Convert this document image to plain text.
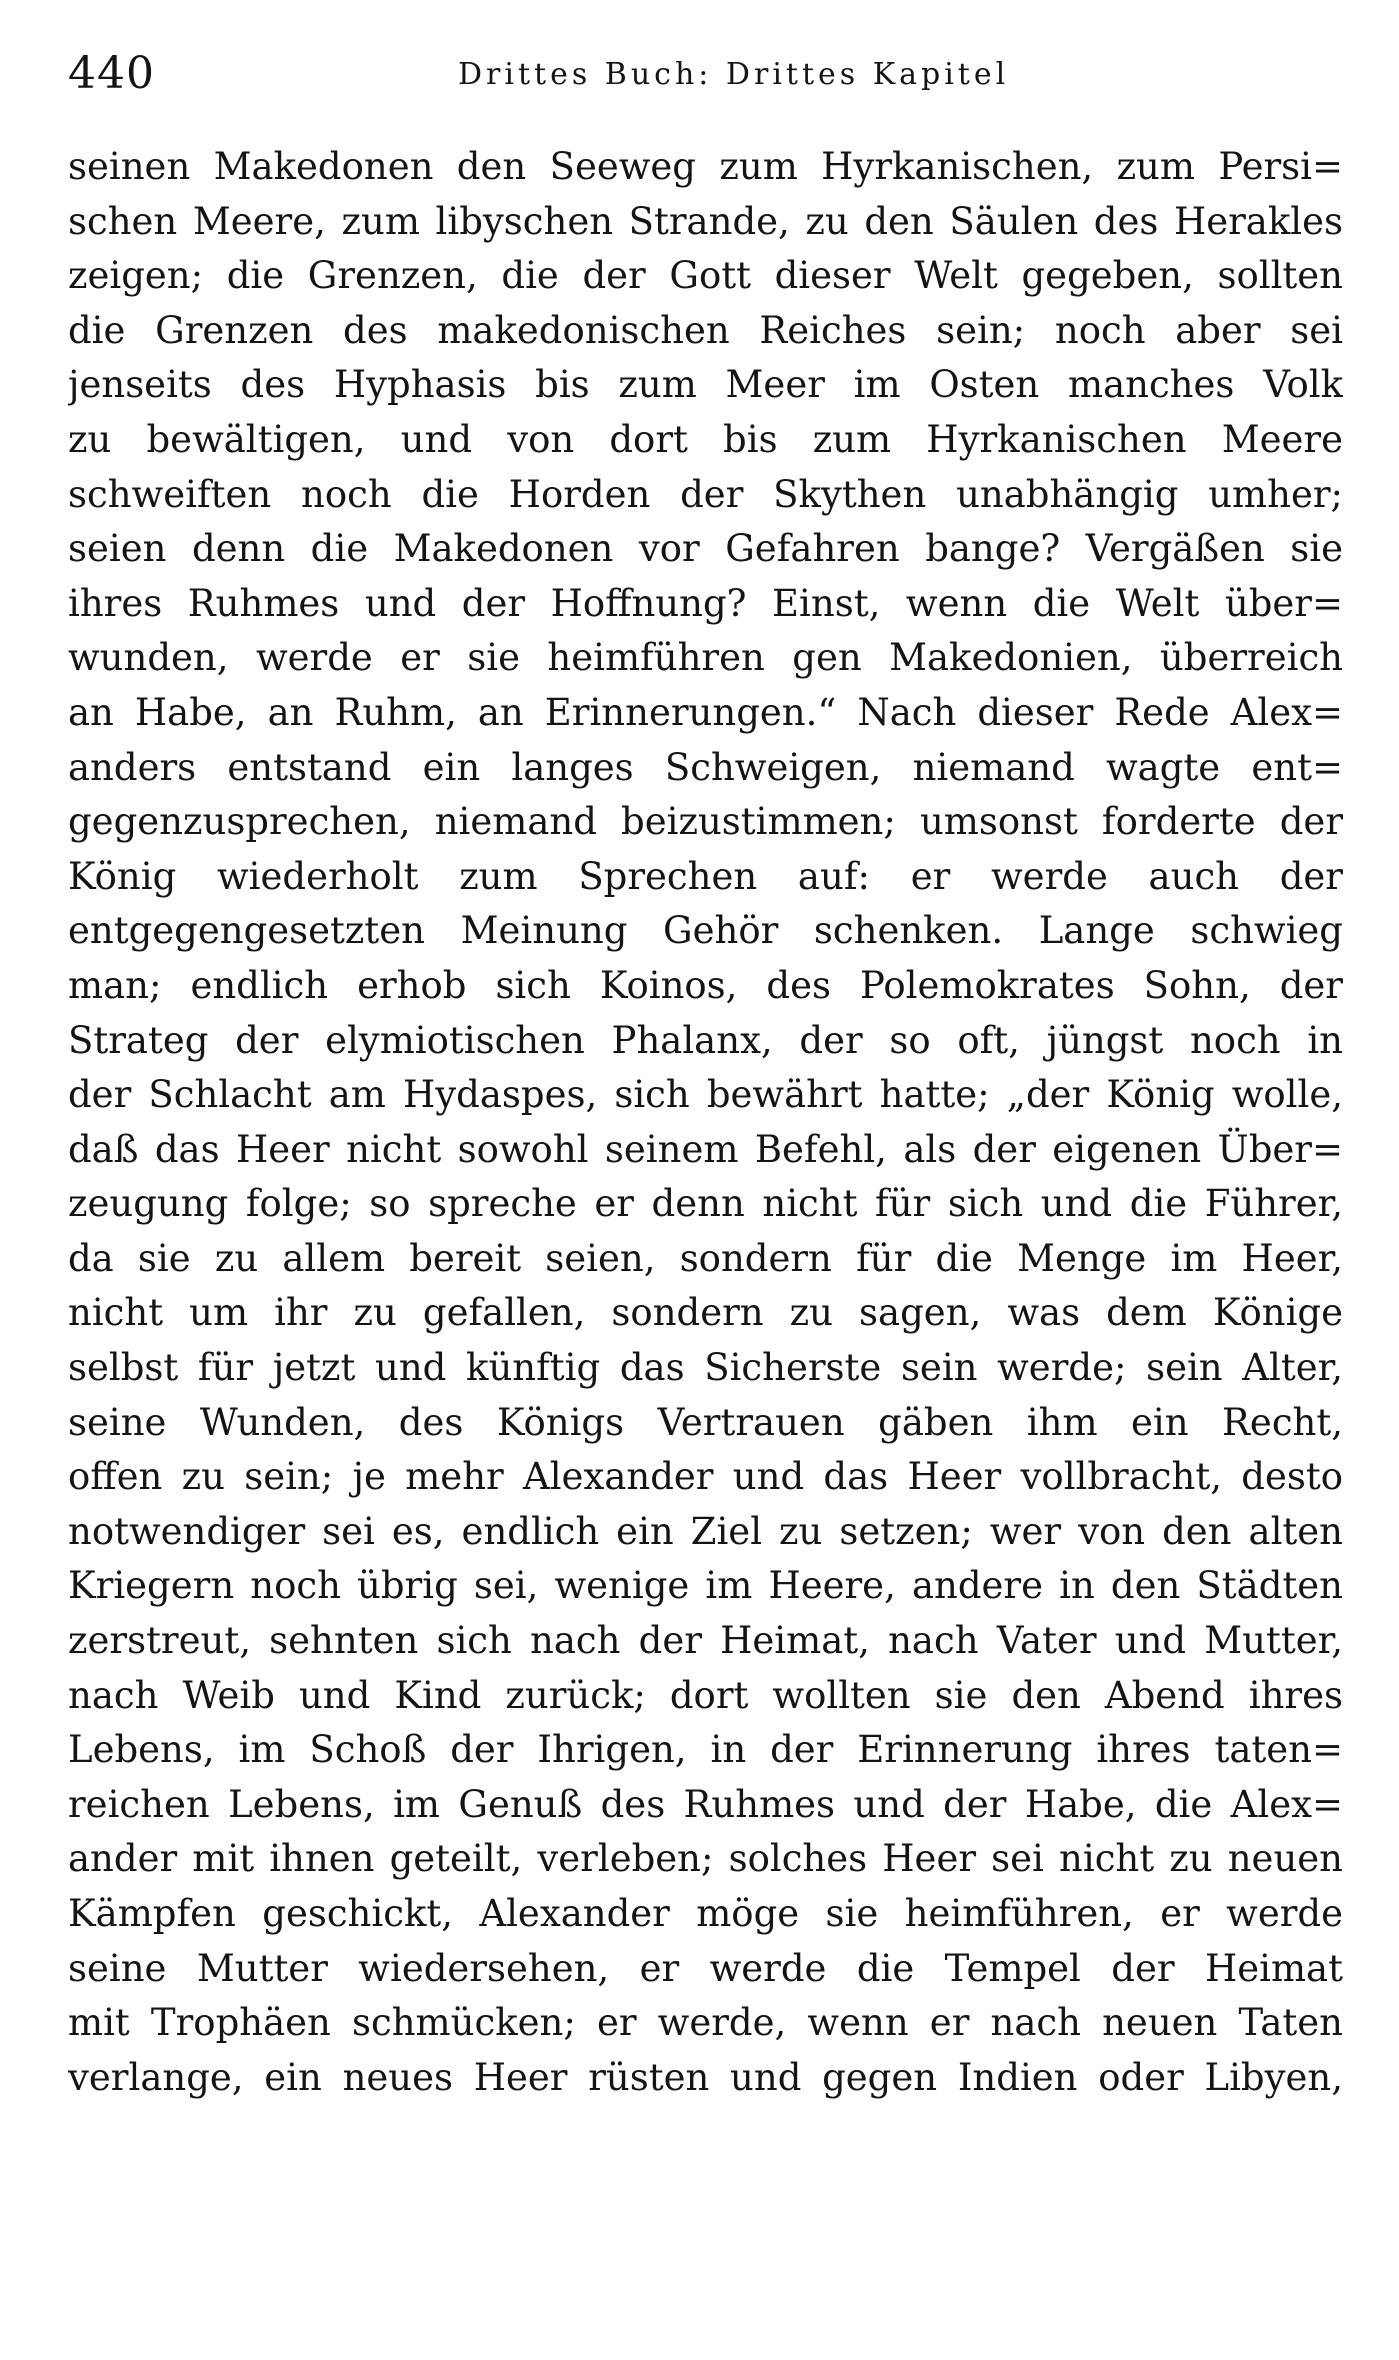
440	Drittes Buch: Drittes Kapitel
seinen Makedonen den Seeweg zum Hyrkanischen, zum Persi=
schen Meere, zum libyschen Strande, zu den Säulen des Herakles
zeigen; die Grenzen, die der Gott dieser Welt gegeben, sollten
die Grenzen des makedonischen Reiches sein; noch aber sei
jenseits des Hyphasis bis zum Meer im Osten manches Volk
zu bewältigen, und von dort bis zum Hyrkanischen Meere
schweiften noch die Horden der Skythen unabhängig umher;
seien denn die Makedonen vor Gefahren bange? Vergäßen sie
ihres Ruhmes und der Hoffnung? Einst, wenn die Welt über=
wunden, werde er sie heimführen gen Makedonien, überreich
an Habe, an Ruhm, an Erinnerungen.“ Nach dieser Rede Alex=
anders entstand ein langes Schweigen, niemand wagte ent=
gegenzusprechen, niemand beizustimmen; umsonst forderte der
König wiederholt zum Sprechen auf: er werde auch der
entgegengesetzten Meinung Gehör schenken. Lange schwieg
man; endlich erhob sich Koinos, des Polemokrates Sohn, der
Strateg der elymiotischen Phalanx, der so oft, jüngst noch in
der Schlacht am Hydaspes, sich bewährt hatte; „der König wolle,
daß das Heer nicht sowohl seinem Befehl, als der eigenen Über=
zeugung folge; so spreche er denn nicht für sich und die Führer,
da sie zu allem bereit seien, sondern für die Menge im Heer,
nicht um ihr zu gefallen, sondern zu sagen, was dem Könige
selbst für jetzt und künftig das Sicherste sein werde; sein Alter,
seine Wunden, des Königs Vertrauen gäben ihm ein Recht,
offen zu sein; je mehr Alexander und das Heer vollbracht, desto
notwendiger sei es, endlich ein Ziel zu setzen; wer von den alten
Kriegern noch übrig sei, wenige im Heere, andere in den Städten
zerstreut, sehnten sich nach der Heimat, nach Vater und Mutter,
nach Weib und Kind zurück; dort wollten sie den Abend ihres
Lebens, im Schoß der Ihrigen, in der Erinnerung ihres taten=
reichen Lebens, im Genuß des Ruhmes und der Habe, die Alex=
ander mit ihnen geteilt, verleben; solches Heer sei nicht zu neuen
Kämpfen geschickt, Alexander möge sie heimführen, er werde
seine Mutter wiedersehen, er werde die Tempel der Heimat
mit Trophäen schmücken; er werde, wenn er nach neuen Taten
verlange, ein neues Heer rüsten und gegen Indien oder Libyen,
